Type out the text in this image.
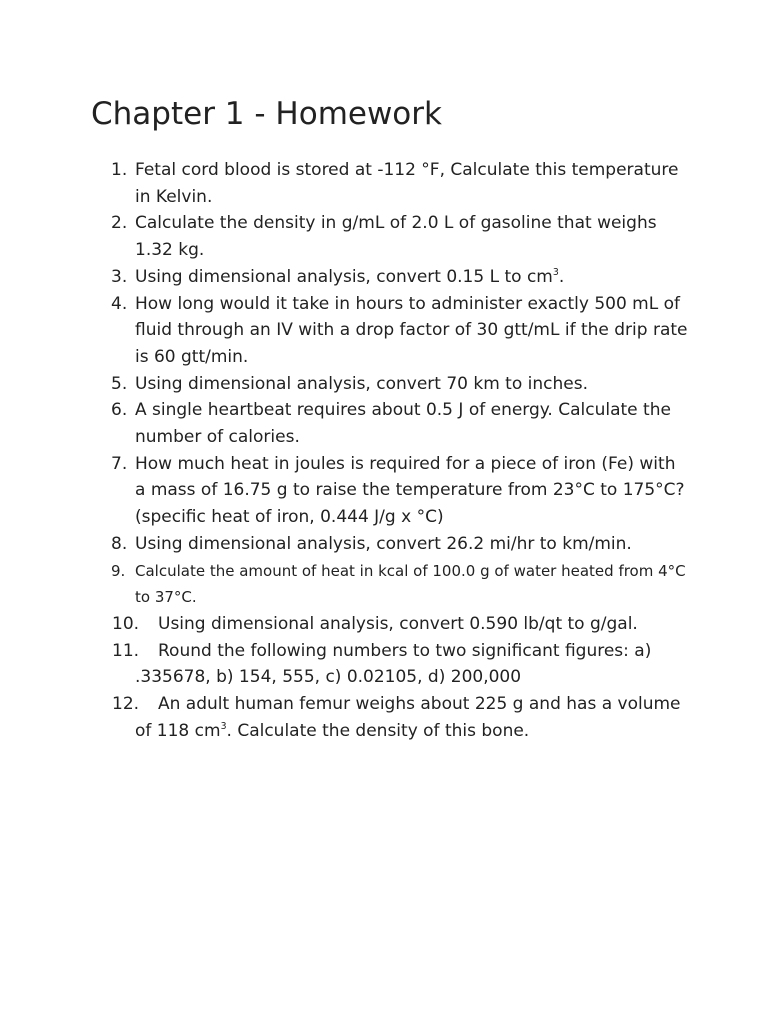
Chapter 1 - Homework
1. Fetal cord blood is stored at -112 °F, Calculate this temperature in Kelvin.
2. Calculate the density in g/mL of 2.0 L of gasoline that weighs 1.32 kg.
3. Using dimensional analysis, convert 0.15 L to $cm^3$.
4. How long would it take in hours to administer exactly 500 mL of fluid through an IV with a drop factor of 30 gtt/mL if the drip rate is 60 gtt/min.
5. Using dimensional analysis, convert 70 km to inches.
6. A single heartbeat requires about 0.5 J of energy. Calculate the number of calories.
7. How much heat in joules is required for a piece of iron (Fe) with a mass of 16.75 g to raise the temperature from 23°C to 175°C? (specific heat of iron, 0.444 J/g x °C)
8. Using dimensional analysis, convert 26.2 mi/hr to km/min.
9. Calculate the amount of heat in kcal of 100.0 g of water heated from 4°C to 37°C.
10. Using dimensional analysis, convert 0.590 lb/qt to g/gal.
11. Round the following numbers to two significant figures: a) .335678, b) 154, 555, c) 0.02105, d) 200,000
12. An adult human femur weighs about 225 g and has a volume of 118 $cm^3$. Calculate the density of this bone.
